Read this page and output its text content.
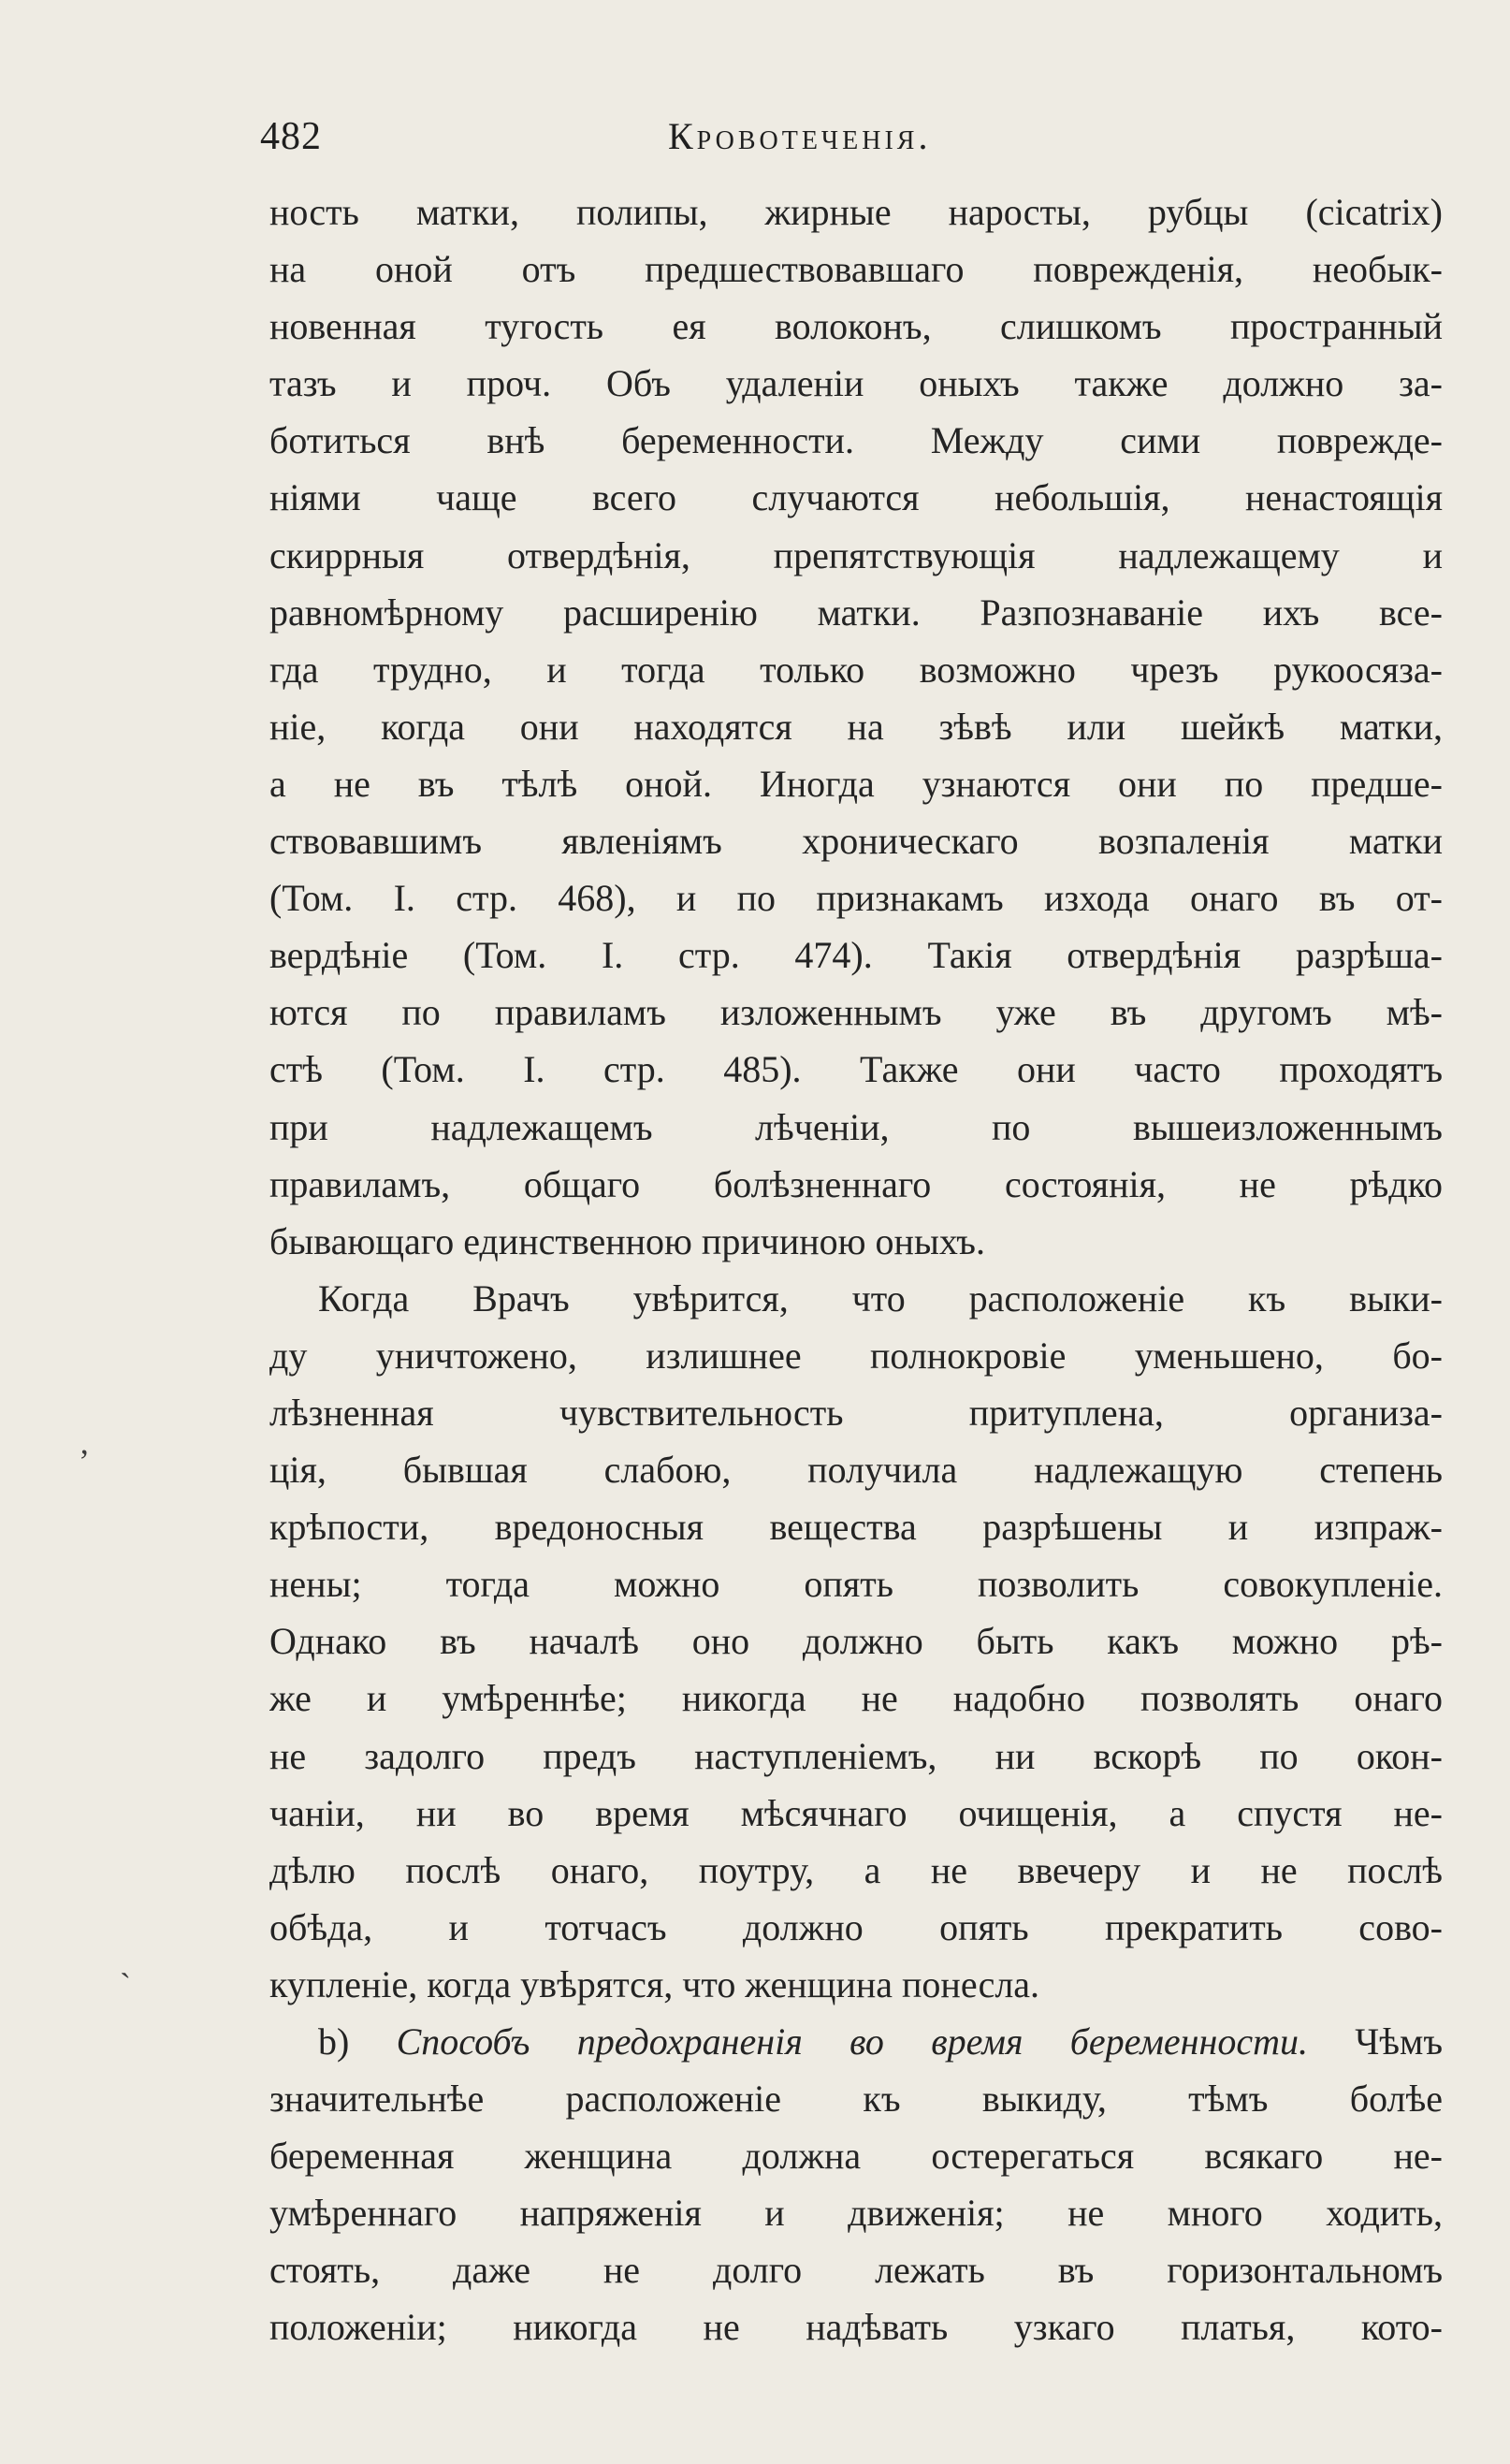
482	Кровотеченія.
ность матки, полипы, жирные наросты, рубцы (cicatrix)
на оной отъ предшествовавшаго поврежденія, необык-
новенная тугость ея волоконъ, слишкомъ пространный
тазъ и проч. Объ удаленіи оныхъ также должно за-
ботиться внѣ беременности. Между сими поврежде-
ніями чаще всего случаются небольшія, ненастоящія
скиррныя отвердѣнія, препятствующія надлежащему и
равномѣрному расширенію матки. Разпознаваніе ихъ все-
гда трудно, и тогда только возможно чрезъ рукоосяза-
ніе, когда они находятся на зѣвѣ или шейкѣ матки,
а не въ тѣлѣ оной. Иногда узнаются они по предше-
ствовавшимъ явленіямъ хроническаго возпаленія матки
(Том. I. стр. 468), и по признакамъ изхода онаго въ от-
вердѣніе (Том. I. стр. 474). Такія отвердѣнія разрѣша-
ются по правиламъ изложеннымъ уже въ другомъ мѣ-
стѣ (Том. I. стр. 485). Также они часто проходятъ
при надлежащемъ лѣченіи, по вышеизложеннымъ
правиламъ, общаго болѣзненнаго состоянія, не рѣдко
бывающаго единственною причиною оныхъ.
Когда Врачъ увѣрится, что расположеніе къ выки-
ду уничтожено, излишнее полнокровіе уменьшено, бо-
лѣзненная чувствительность притуплена, организа-
ція, бывшая слабою, получила надлежащую степень
крѣпости, вредоносныя вещества разрѣшены и изпраж-
нены; тогда можно опять позволить совокупленіе.
Однако въ началѣ оно должно быть какъ можно рѣ-
же и умѣреннѣе; никогда не надобно позволять онаго
не задолго предъ наступленіемъ, ни вскорѣ по окон-
чаніи, ни во время мѣсячнаго очищенія, а спустя не-
дѣлю послѣ онаго, поутру, а не ввечеру и не послѣ
обѣда, и тотчасъ должно опять прекратить сово-
купленіе, когда увѣрятся, что женщина понесла.
b) Способъ предохраненія во время беременности. Чѣмъ
значительнѣе расположеніе къ выкиду, тѣмъ болѣе
беременная женщина должна остерегаться всякаго не-
умѣреннаго напряженія и движенія; не много ходить,
стоять, даже не долго лежать въ горизонтальномъ
положеніи; никогда не надѣвать узкаго платья, кото-
‚
ˋ
